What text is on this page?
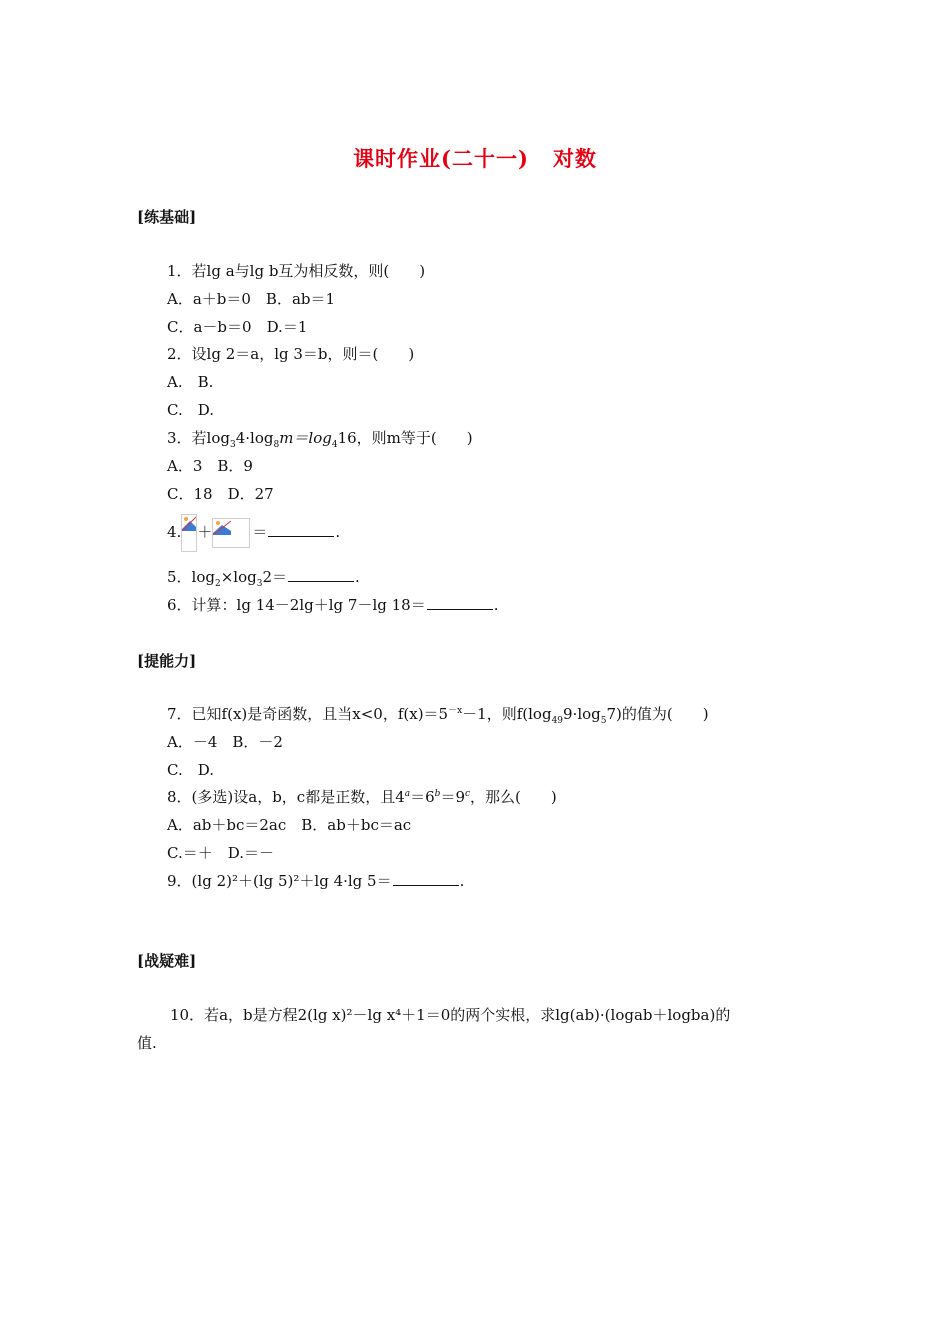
课时作业(二十一) 对数
[练基础]
1．若lg a与lg b互为相反数，则(　　)
A．a＋b＝0　B．ab＝1
C．a－b＝0　D.＝1
2．设lg 2＝a，lg 3＝b，则＝(　　)
A.　B.
C.　D.
3．若$\log_34\cdot\log_8m=\log_416$，则m等于(　　)
A．3　B．9
C．18　D．27
4. ＋	＝	.
5．$\log_2\times\log_32=$	.
6．计算：lg 14－2lg＋lg 7－lg 18＝	.
[提能力]
7．已知f(x)是奇函数，且当x<0，$f(x)=5^{-x}-1$，则$f(\log_{49}9\cdot\log_57)$的值为(　　)
A．－4　B．－2
C.　D.
8．(多选)设a，b，c都是正数，且$4^a=6^b=9^c$，那么(　　)
A．ab＋bc＝2ac　B．ab＋bc＝ac
C.＝＋　D.＝－
9．(lg 2)²＋(lg 5)²＋lg 4·lg 5＝	.
[战疑难]
10．若a，b是方程2(lg x)²－lg x⁴＋1＝0的两个实根，求lg(ab)·(logab＋logba)的
值.
